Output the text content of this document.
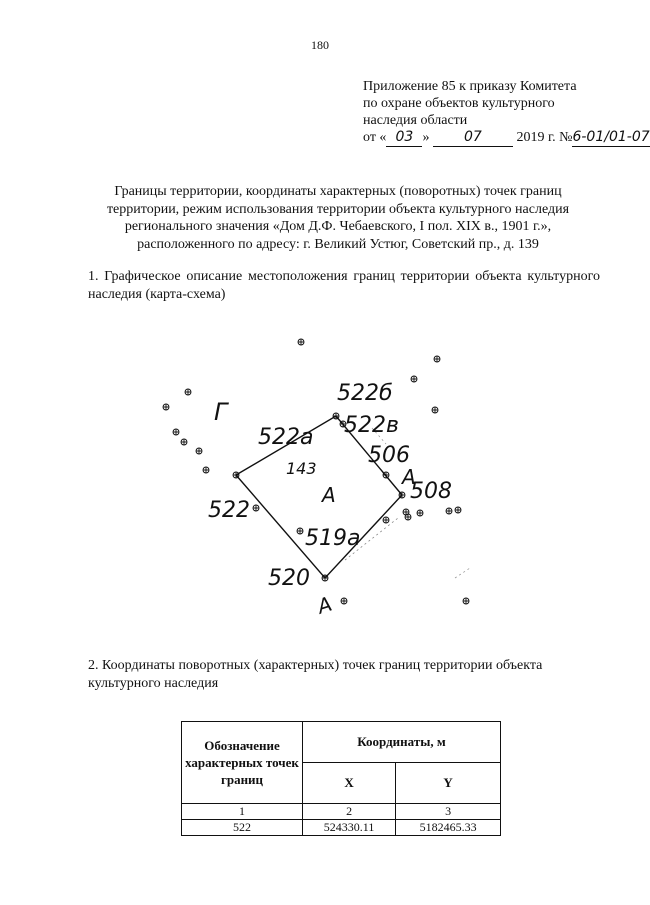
180
Приложение 85 к приказу Комитета
по охране объектов культурного
наследия области
от « 03 » 07 2019 г. №6-01/01-07
Границы территории, координаты характерных (поворотных) точек границ территории, режим использования территории объекта культурного наследия регионального значения «Дом Д.Ф. Чебаевского, I пол. XIX в., 1901 г.», расположенного по адресу: г. Великий Устюг, Советский пр., д. 139
1. Графическое описание местоположения границ территории объекта культурного наследия (карта-схема)
522
522а
522б
522в
506
508
519а
520
Г
А
А
А
143
2. Координаты поворотных (характерных) точек границ территории объекта культурного наследия
Обозначение характерных точек границ	Координаты, м	
	X	Y
1	2	3
522	524330.11	5182465.33
